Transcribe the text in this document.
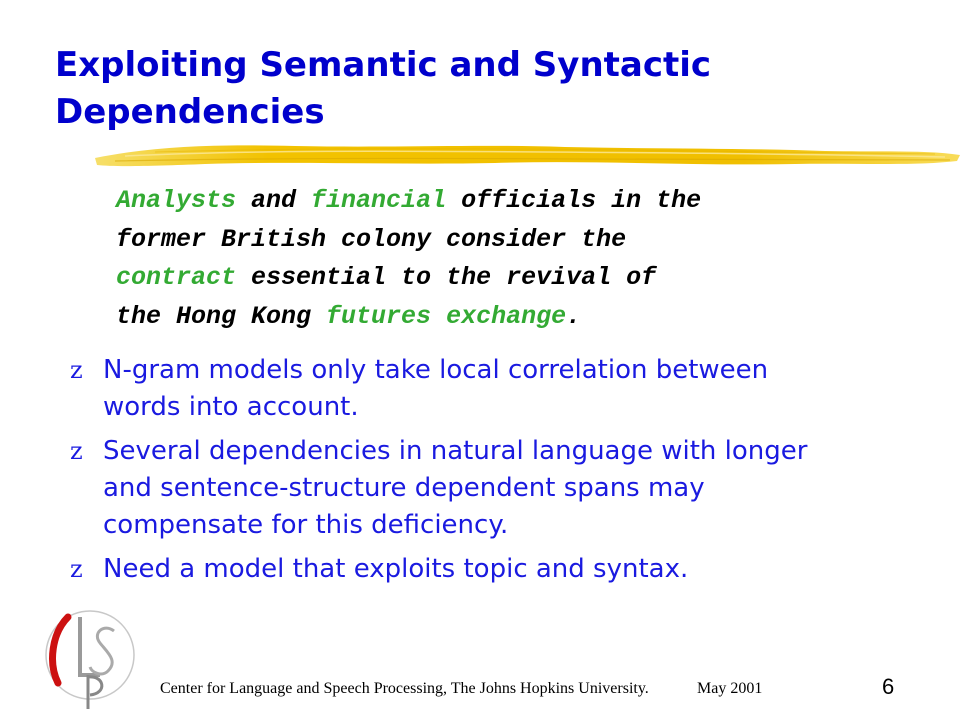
Exploiting Semantic and Syntactic
Dependencies
Analysts and financial officials in the
former British colony consider the
contract essential to the revival of
the Hong Kong futures exchange.
z N-gram models only take local correlation between
words into account.
z Several dependencies in natural language with longer
and sentence-structure dependent spans may
compensate for this deficiency.
z Need a model that exploits topic and syntax.
Center for Language and Speech Processing, The Johns Hopkins University.	May 2001	6
